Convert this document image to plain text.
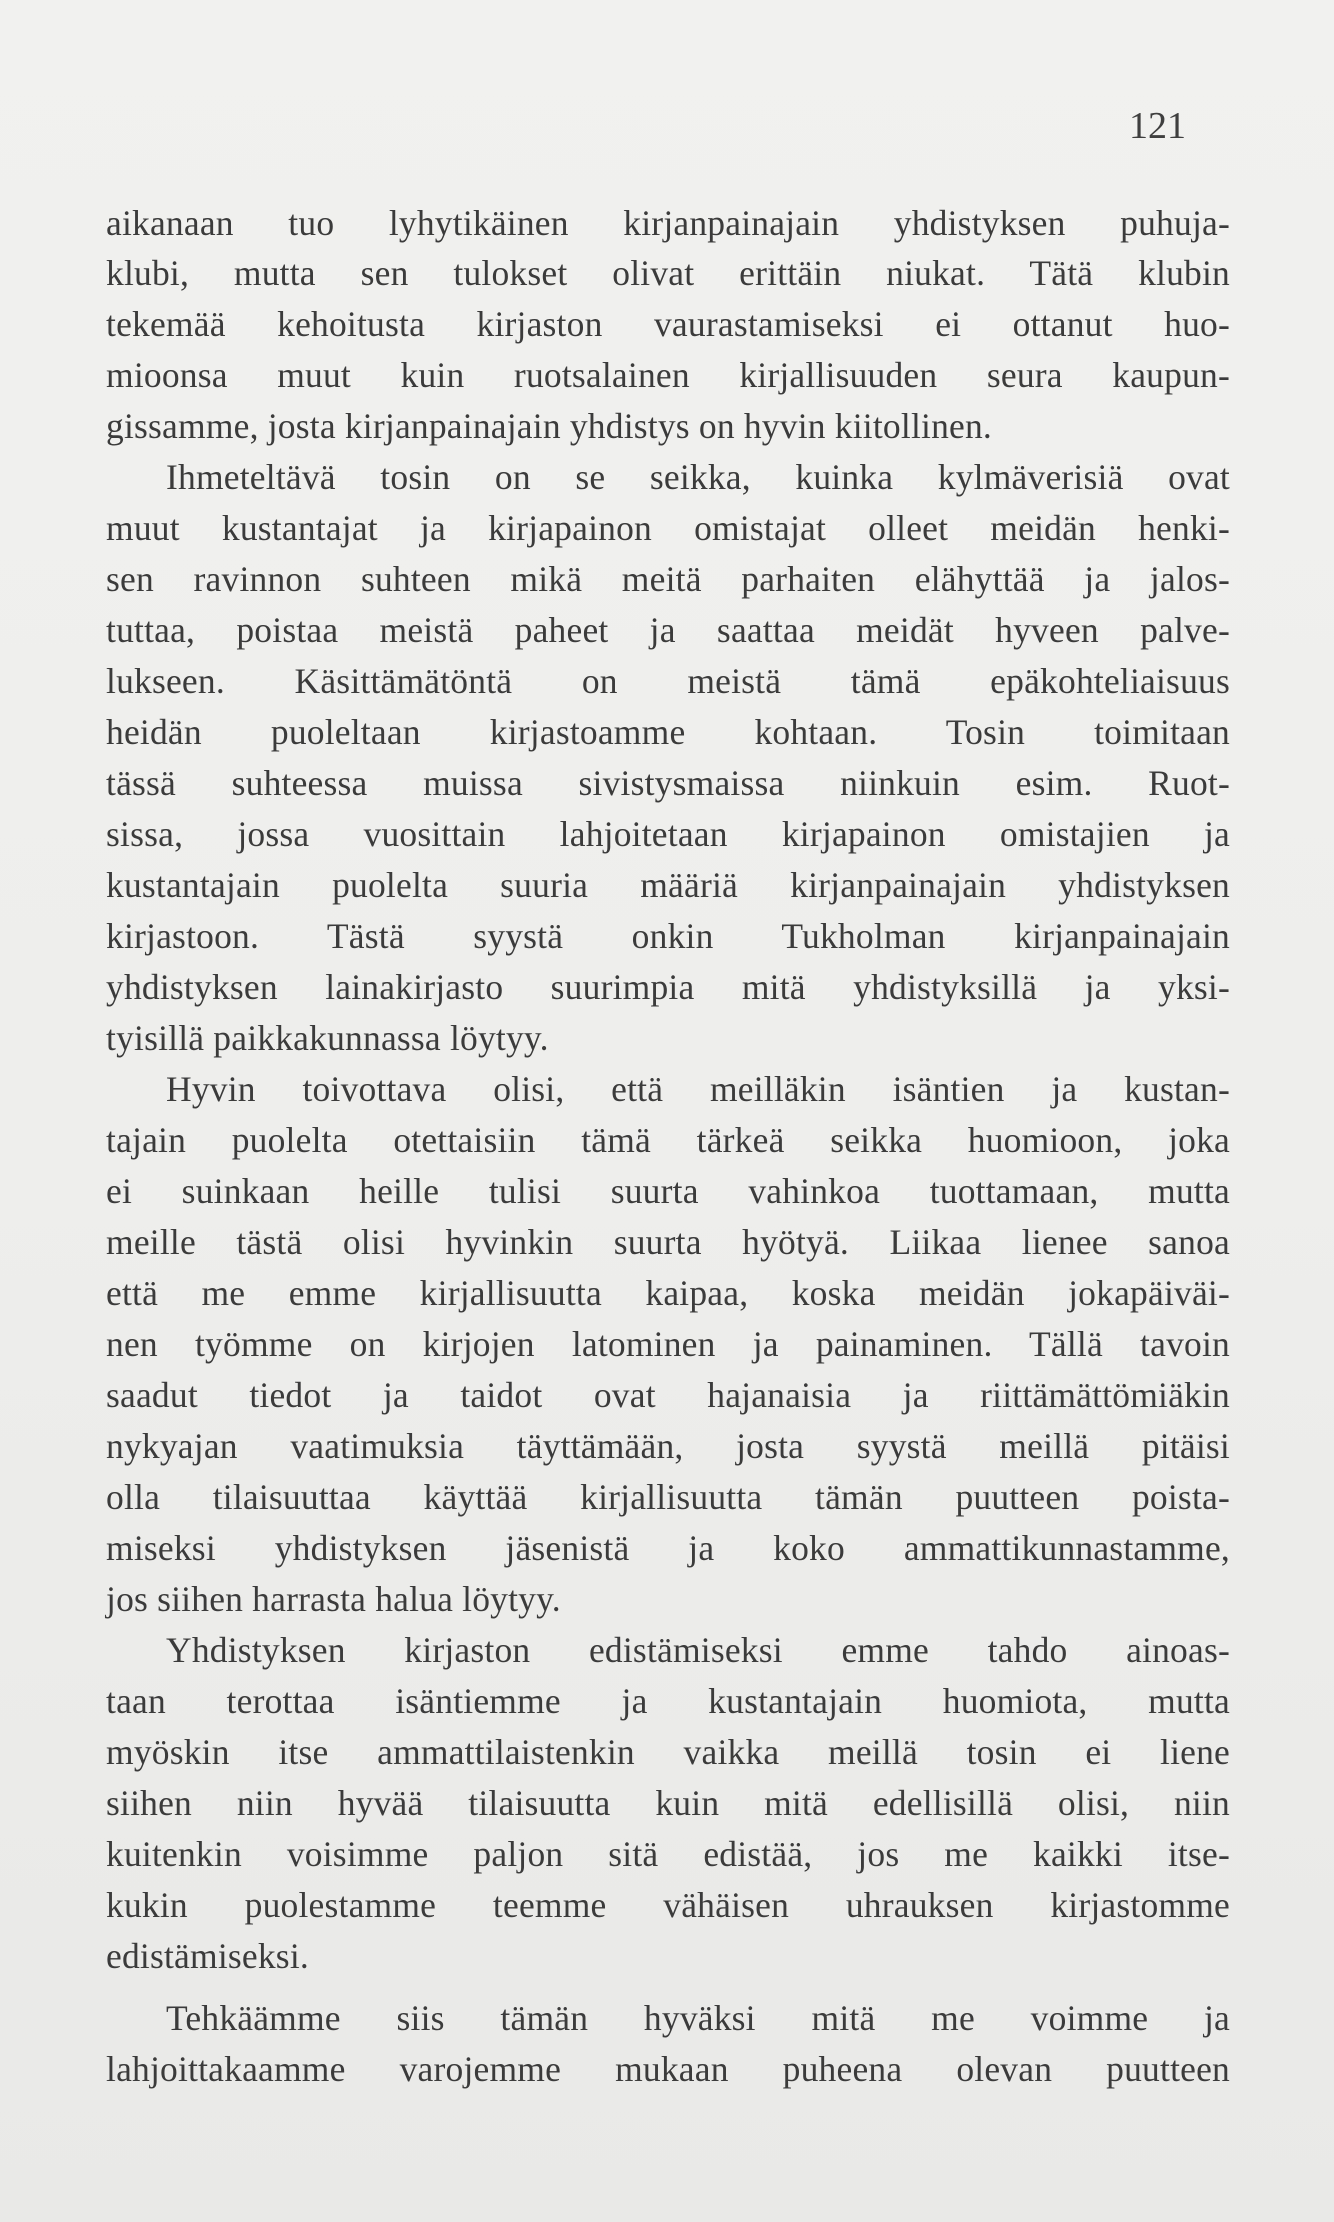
121
aikanaan tuo lyhytikäinen kirjanpainajain yhdistyksen puhuja-
klubi, mutta sen tulokset olivat erittäin niukat. Tätä klubin
tekemää kehoitusta kirjaston vaurastamiseksi ei ottanut huo-
mioonsa muut kuin ruotsalainen kirjallisuuden seura kaupun-
gissamme, josta kirjanpainajain yhdistys on hyvin kiitollinen.
Ihmeteltävä tosin on se seikka, kuinka kylmäverisiä ovat
muut kustantajat ja kirjapainon omistajat olleet meidän henki-
sen ravinnon suhteen mikä meitä parhaiten elähyttää ja jalos-
tuttaa, poistaa meistä paheet ja saattaa meidät hyveen palve-
lukseen. Käsittämätöntä on meistä tämä epäkohteliaisuus
heidän puoleltaan kirjastoamme kohtaan. Tosin toimitaan
tässä suhteessa muissa sivistysmaissa niinkuin esim. Ruot-
sissa, jossa vuosittain lahjoitetaan kirjapainon omistajien ja
kustantajain puolelta suuria määriä kirjanpainajain yhdistyksen
kirjastoon. Tästä syystä onkin Tukholman kirjanpainajain
yhdistyksen lainakirjasto suurimpia mitä yhdistyksillä ja yksi-
tyisillä paikkakunnassa löytyy.
Hyvin toivottava olisi, että meilläkin isäntien ja kustan-
tajain puolelta otettaisiin tämä tärkeä seikka huomioon, joka
ei suinkaan heille tulisi suurta vahinkoa tuottamaan, mutta
meille tästä olisi hyvinkin suurta hyötyä. Liikaa lienee sanoa
että me emme kirjallisuutta kaipaa, koska meidän jokapäiväi-
nen työmme on kirjojen latominen ja painaminen. Tällä tavoin
saadut tiedot ja taidot ovat hajanaisia ja riittämättömiäkin
nykyajan vaatimuksia täyttämään, josta syystä meillä pitäisi
olla tilaisuuttaa käyttää kirjallisuutta tämän puutteen poista-
miseksi yhdistyksen jäsenistä ja koko ammattikunnastamme,
jos siihen harrasta halua löytyy.
Yhdistyksen kirjaston edistämiseksi emme tahdo ainoas-
taan terottaa isäntiemme ja kustantajain huomiota, mutta
myöskin itse ammattilaistenkin vaikka meillä tosin ei liene
siihen niin hyvää tilaisuutta kuin mitä edellisillä olisi, niin
kuitenkin voisimme paljon sitä edistää, jos me kaikki itse-
kukin puolestamme teemme vähäisen uhrauksen kirjastomme
edistämiseksi.
Tehkäämme siis tämän hyväksi mitä me voimme ja
lahjoittakaamme varojemme mukaan puheena olevan puutteen
